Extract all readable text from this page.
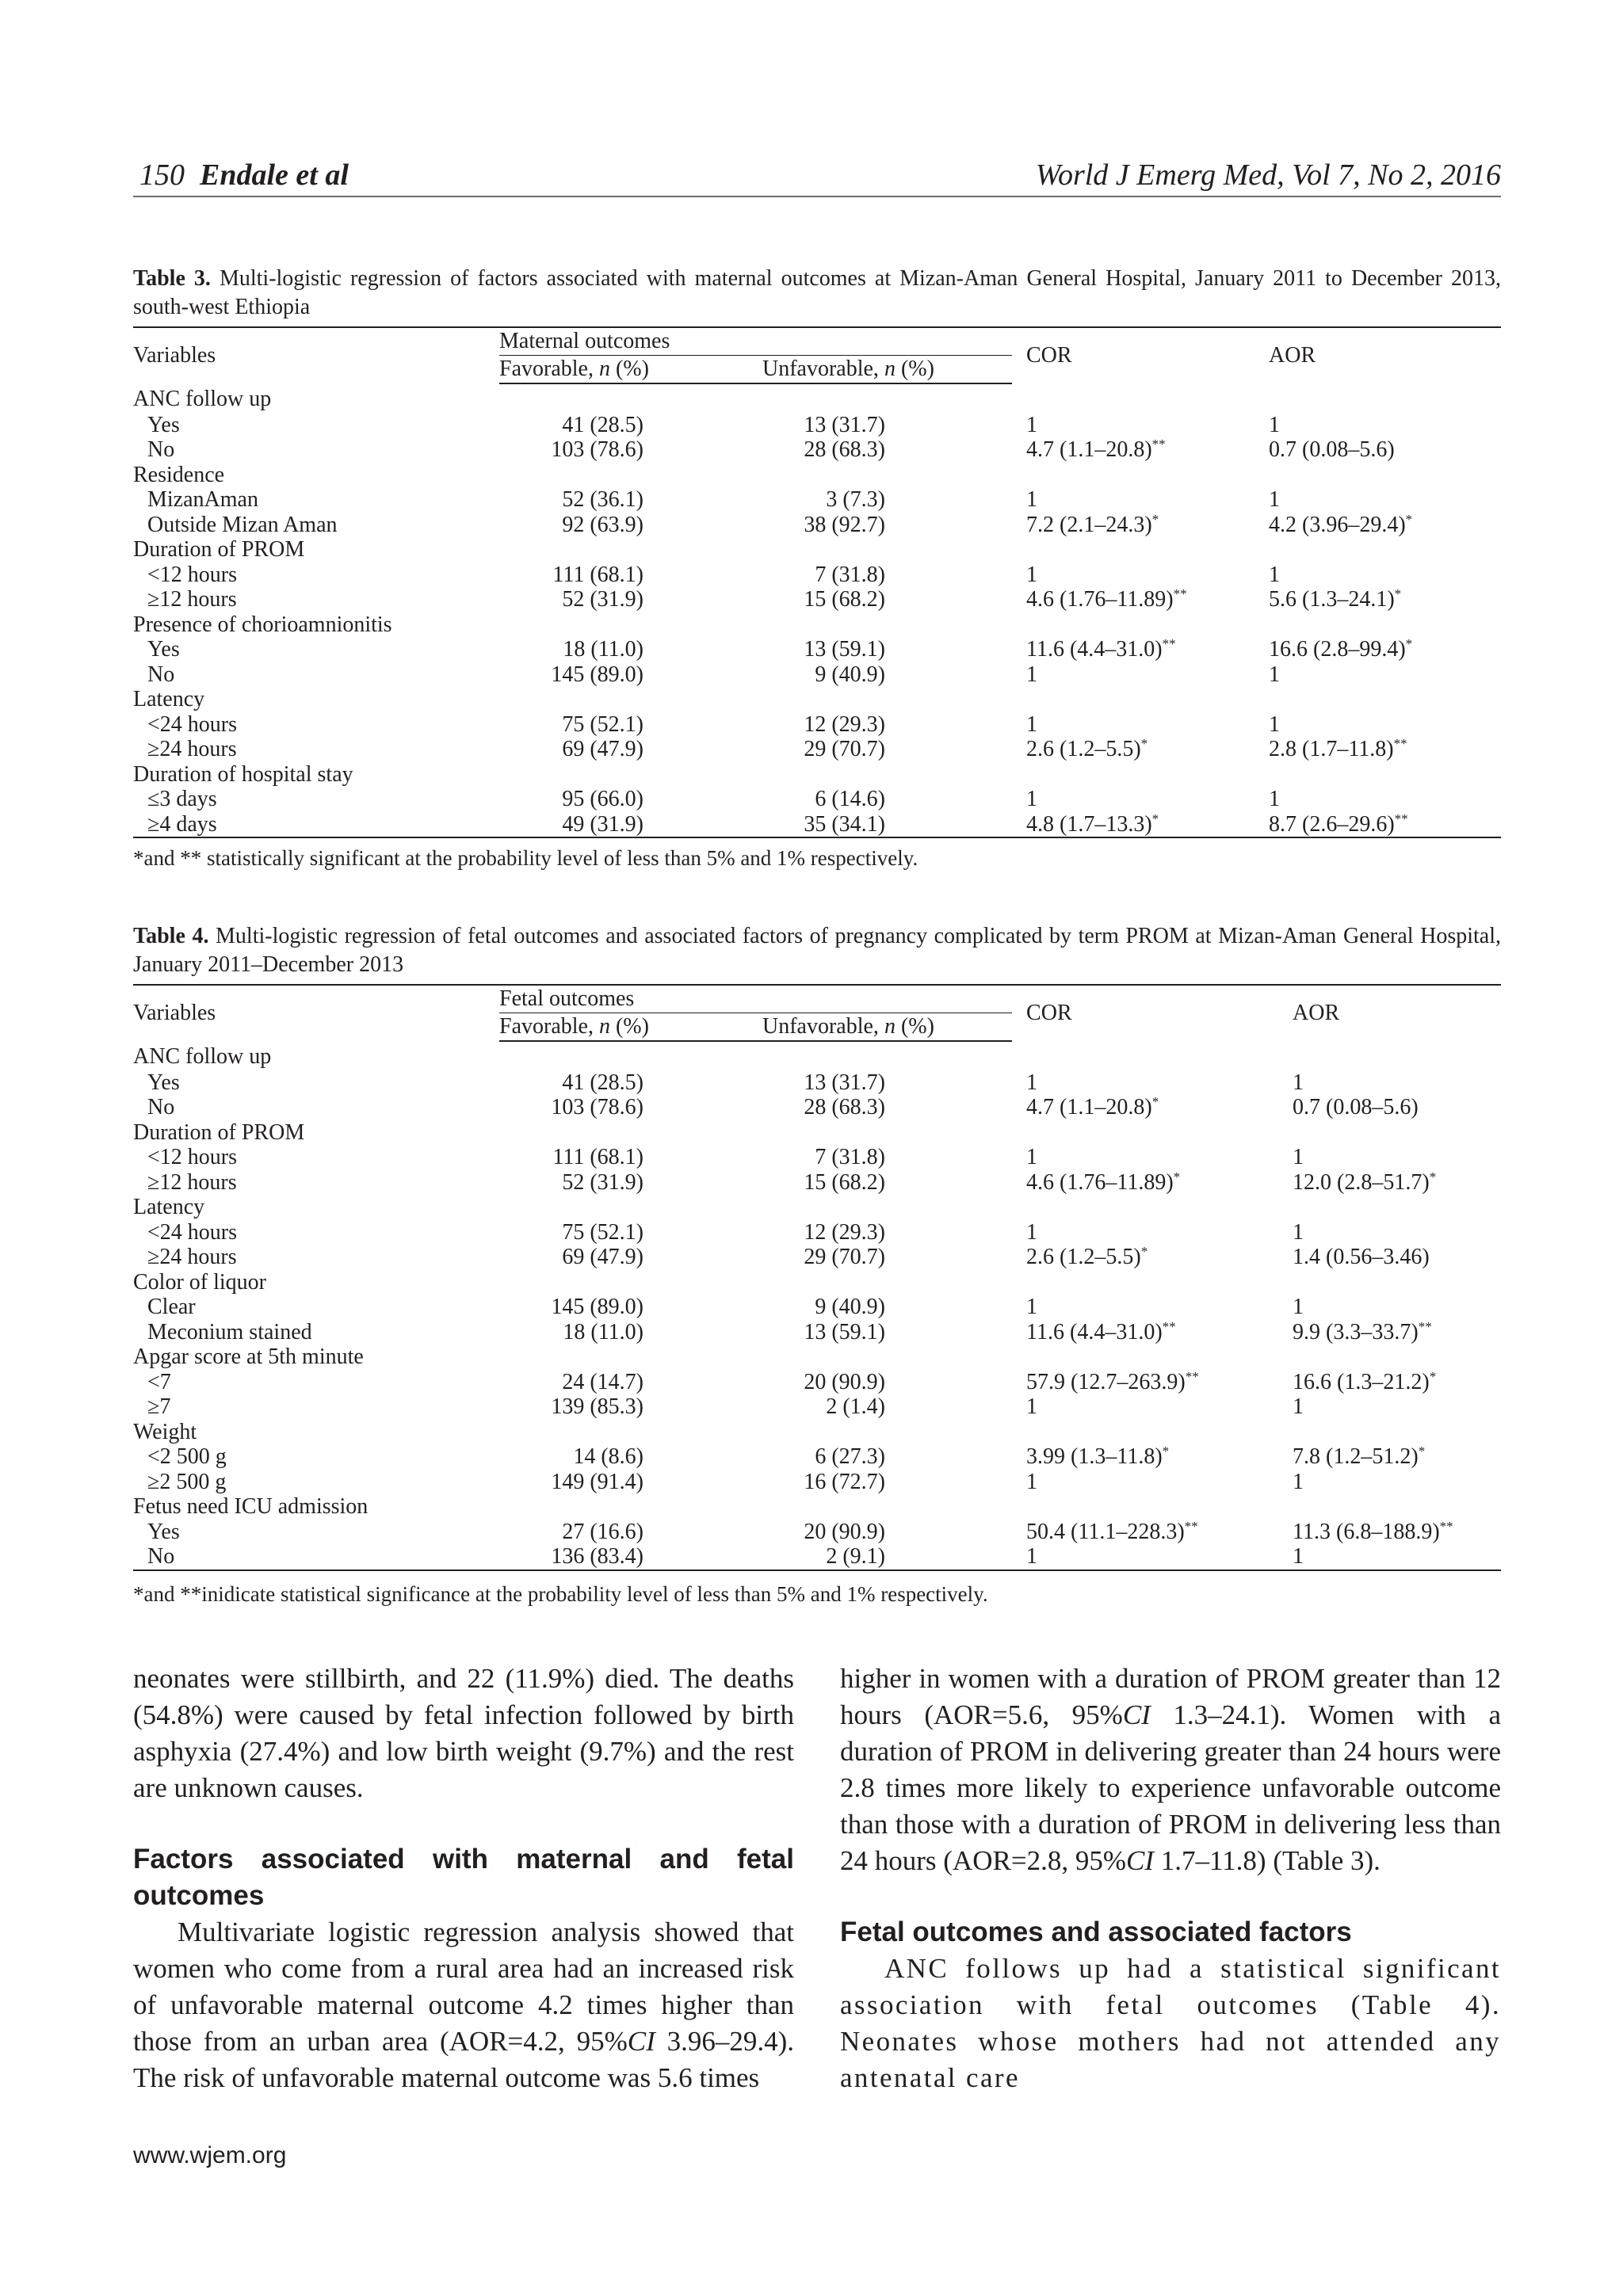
150 Endale et al	World J Emerg Med, Vol 7, No 2, 2016
Table 3. Multi-logistic regression of factors associated with maternal outcomes at Mizan-Aman General Hospital, January 2011 to December 2013, south-west Ethiopia
Variables	Maternal outcomes				COR	AOR
	Favorable, n (%)		Unfavorable, n (%)			
ANC follow up						
Yes	41 (28.5)		13 (31.7)		1	1
No	103 (78.6)		28 (68.3)		4.7 (1.1–20.8)**	0.7 (0.08–5.6)
Residence						
MizanAman	52 (36.1)		3 (7.3)		1	1
Outside Mizan Aman	92 (63.9)		38 (92.7)		7.2 (2.1–24.3)*	4.2 (3.96–29.4)*
Duration of PROM						
<12 hours	111 (68.1)		7 (31.8)		1	1
≥12 hours	52 (31.9)		15 (68.2)		4.6 (1.76–11.89)**	5.6 (1.3–24.1)*
Presence of chorioamnionitis						
Yes	18 (11.0)		13 (59.1)		11.6 (4.4–31.0)**	16.6 (2.8–99.4)*
No	145 (89.0)		9 (40.9)		1	1
Latency						
<24 hours	75 (52.1)		12 (29.3)		1	1
≥24 hours	69 (47.9)		29 (70.7)		2.6 (1.2–5.5)*	2.8 (1.7–11.8)**
Duration of hospital stay						
≤3 days	95 (66.0)		6 (14.6)		1	1
≥4 days	49 (31.9)		35 (34.1)		4.8 (1.7–13.3)*	8.7 (2.6–29.6)**
*and ** statistically significant at the probability level of less than 5% and 1% respectively.
Table 4. Multi-logistic regression of fetal outcomes and associated factors of pregnancy complicated by term PROM at Mizan-Aman General Hospital, January 2011–December 2013
Variables	Fetal outcomes				COR	AOR
	Favorable, n (%)		Unfavorable, n (%)			
ANC follow up						
Yes	41 (28.5)		13 (31.7)		1	1
No	103 (78.6)		28 (68.3)		4.7 (1.1–20.8)*	0.7 (0.08–5.6)
Duration of PROM						
<12 hours	111 (68.1)		7 (31.8)		1	1
≥12 hours	52 (31.9)		15 (68.2)		4.6 (1.76–11.89)*	12.0 (2.8–51.7)*
Latency						
<24 hours	75 (52.1)		12 (29.3)		1	1
≥24 hours	69 (47.9)		29 (70.7)		2.6 (1.2–5.5)*	1.4 (0.56–3.46)
Color of liquor						
Clear	145 (89.0)		9 (40.9)		1	1
Meconium stained	18 (11.0)		13 (59.1)		11.6 (4.4–31.0)**	9.9 (3.3–33.7)**
Apgar score at 5th minute						
<7	24 (14.7)		20 (90.9)		57.9 (12.7–263.9)**	16.6 (1.3–21.2)*
≥7	139 (85.3)		2 (1.4)		1	1
Weight						
<2 500 g	14 (8.6)		6 (27.3)		3.99 (1.3–11.8)*	7.8 (1.2–51.2)*
≥2 500 g	149 (91.4)		16 (72.7)		1	1
Fetus need ICU admission						
Yes	27 (16.6)		20 (90.9)		50.4 (11.1–228.3)**	11.3 (6.8–188.9)**
No	136 (83.4)		2 (9.1)		1	1
*and **inidicate statistical significance at the probability level of less than 5% and 1% respectively.

neonates were stillbirth, and 22 (11.9%) died. The deaths (54.8%) were caused by fetal infection followed by birth asphyxia (27.4%) and low birth weight (9.7%) and the rest are unknown causes.

Factors associated with maternal and fetal outcomes

Multivariate logistic regression analysis showed that women who come from a rural area had an increased risk of unfavorable maternal outcome 4.2 times higher than those from an urban area (AOR=4.2, 95%CI 3.96–29.4). The risk of unfavorable maternal outcome was 5.6 times

higher in women with a duration of PROM greater than 12 hours (AOR=5.6, 95%CI 1.3–24.1). Women with a duration of PROM in delivering greater than 24 hours were 2.8 times more likely to experience unfavorable outcome than those with a duration of PROM in delivering less than 24 hours (AOR=2.8, 95%CI 1.7–11.8) (Table 3).

Fetal outcomes and associated factors

ANC follows up had a statistical significant association with fetal outcomes (Table 4). Neonates whose mothers had not attended any antenatal care

www.wjem.org
